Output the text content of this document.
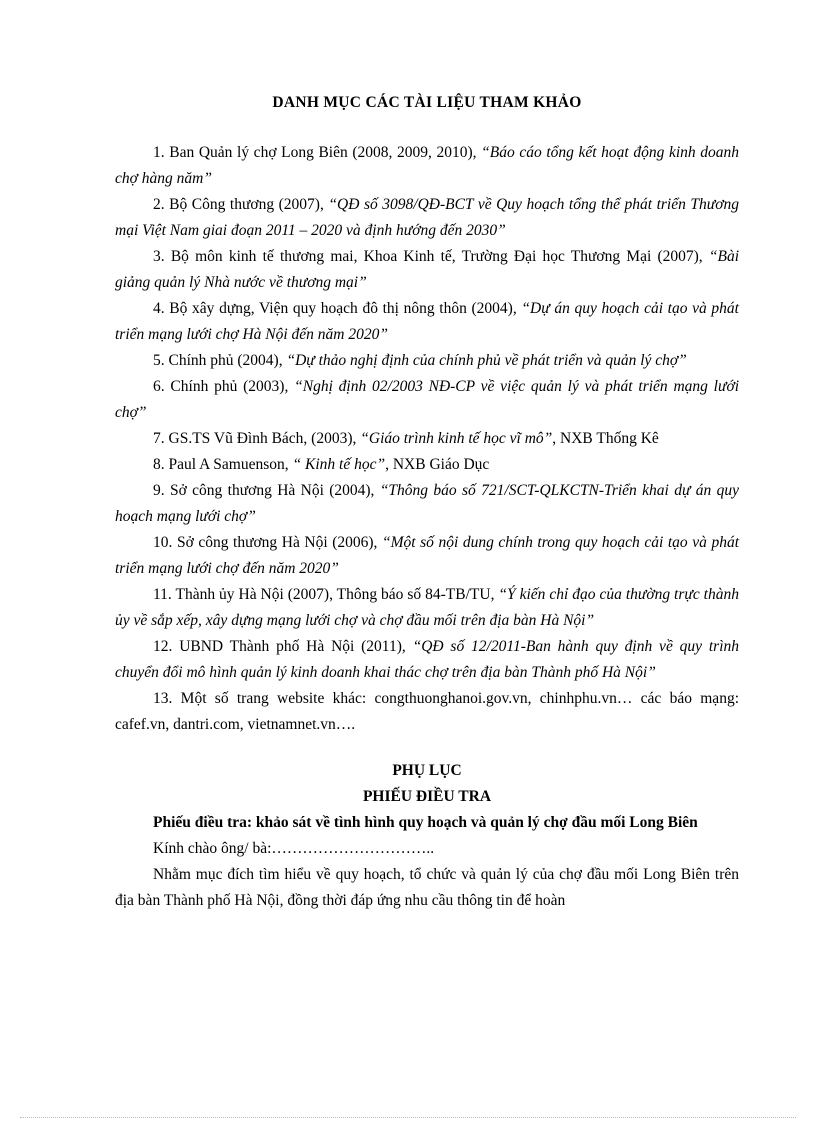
DANH MỤC CÁC TÀI LIỆU THAM KHẢO

1. Ban Quản lý chợ Long Biên (2008, 2009, 2010), “Báo cáo tổng kết hoạt động kinh doanh chợ hàng năm”

2. Bộ Công thương (2007), “QĐ số 3098/QĐ-BCT về Quy hoạch tổng thể phát triển Thương mại Việt Nam giai đoạn 2011 – 2020 và định hướng đến 2030”

3. Bộ môn kinh tế thương mai, Khoa Kinh tế, Trường Đại học Thương Mại (2007), “Bài giảng quản lý Nhà nước về thương mại”

4. Bộ xây dựng, Viện quy hoạch đô thị nông thôn (2004), “Dự án quy hoạch cải tạo và phát triển mạng lưới chợ Hà Nội đến năm 2020”

5. Chính phủ (2004), “Dự thảo nghị định của chính phủ về phát triển và quản lý chợ”

6. Chính phủ (2003), “Nghị định 02/2003 NĐ-CP về việc quản lý và phát triển mạng lưới chợ”

7. GS.TS Vũ Đình Bách, (2003), “Giáo trình kinh tế học vĩ mô”, NXB Thống Kê

8. Paul A Samuenson, “ Kinh tế học”, NXB Giáo Dục

9. Sở công thương Hà Nội (2004), “Thông báo số 721/SCT-QLKCTN-Triển khai dự án quy hoạch mạng lưới chợ”

10. Sở công thương Hà Nội (2006), “Một số nội dung chính trong quy hoạch cải tạo và phát triển mạng lưới chợ đến năm 2020”

11. Thành ủy Hà Nội (2007), Thông báo số 84-TB/TU, “Ý kiến chỉ đạo của thường trực thành ủy về sắp xếp, xây dựng mạng lưới chợ và chợ đầu mối trên địa bàn Hà Nội”

12. UBND Thành phố Hà Nội (2011), “QĐ số 12/2011-Ban hành quy định về quy trình chuyển đổi mô hình quản lý kinh doanh khai thác chợ trên địa bàn Thành phố Hà Nội”

13. Một số trang website khác: congthuonghanoi.gov.vn, chinhphu.vn… các báo mạng: cafef.vn, dantri.com, vietnamnet.vn….

PHỤ LỤC
PHIẾU ĐIỀU TRA

Phiếu điều tra: khảo sát về tình hình quy hoạch và quản lý chợ đầu mối Long Biên

Kính chào ông/ bà:…………………………..

Nhằm mục đích tìm hiểu về quy hoạch, tổ chức và quản lý của chợ đầu mối Long Biên trên địa bàn Thành phố Hà Nội, đồng thời đáp ứng nhu cầu thông tin để hoàn
